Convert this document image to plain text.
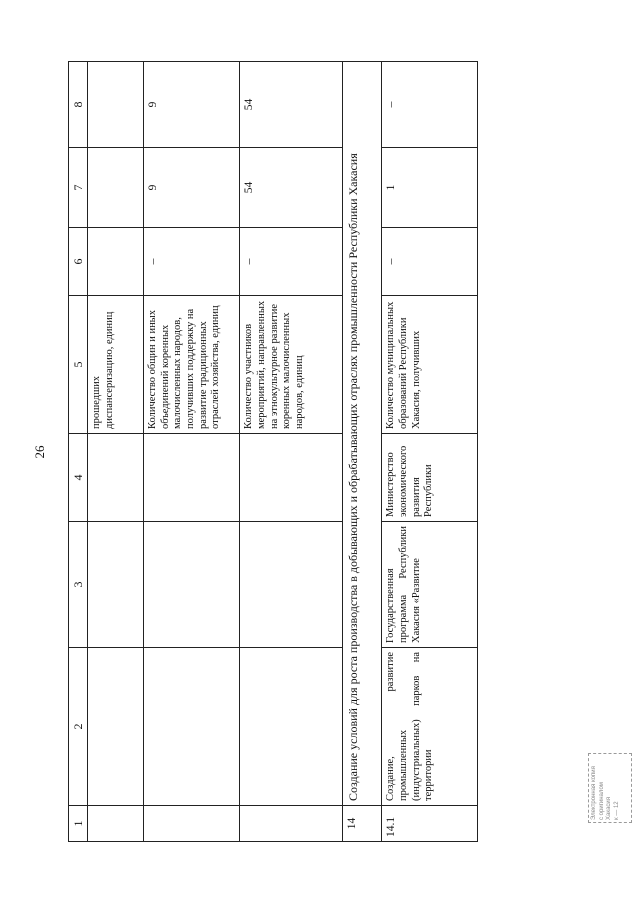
26
1	2	3	4	5	6	7	8
				прошедших диспансеризацию, единиц			
				Количество общин и иных объединений коренных малочисленных народов, получивших поддержку на развитие традиционных отраслей хозяйства, единиц	–	9	9
				Количество участников мероприятий, направленных на этнокультурное развитие коренных малочисленных народов, единиц	–	54	54
14	Создание условий для роста производства в добывающих и обрабатывающих отраслях промышленности Республики Хакасия						
14.1	Создание, развитие промышленных (индустриальных) парков на территории	Государственная программа Республики Хакасия «Развитие	Министерство экономического развития Республики	Количество муниципальных образований Республики Хакасия, получивших	–	1	–
Электронная копия с оригиналом Хакасия к — 12
